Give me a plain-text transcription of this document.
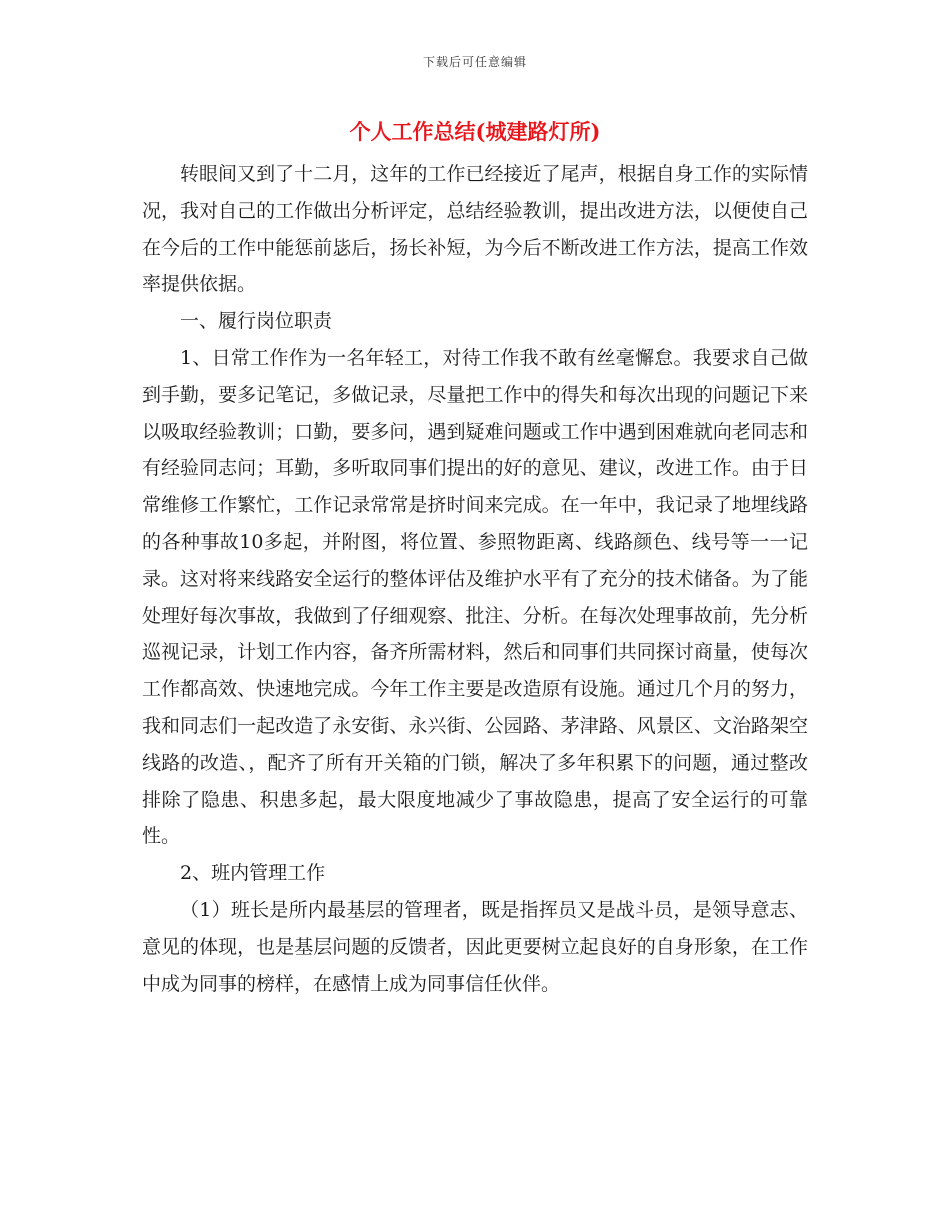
下载后可任意编辑
个人工作总结(城建路灯所)

转眼间又到了十二月，这年的工作已经接近了尾声，根据自身工作的实际情况，我对自己的工作做出分析评定，总结经验教训，提出改进方法，以便使自己在今后的工作中能惩前毖后，扬长补短，为今后不断改进工作方法，提高工作效率提供依据。

一、履行岗位职责

1、日常工作作为一名年轻工，对待工作我不敢有丝毫懈怠。我要求自己做到手勤，要多记笔记，多做记录，尽量把工作中的得失和每次出现的问题记下来以吸取经验教训；口勤，要多问，遇到疑难问题或工作中遇到困难就向老同志和有经验同志问；耳勤，多听取同事们提出的好的意见、建议，改进工作。由于日常维修工作繁忙，工作记录常常是挤时间来完成。在一年中，我记录了地埋线路的各种事故10多起，并附图，将位置、参照物距离、线路颜色、线号等一一记录。这对将来线路安全运行的整体评估及维护水平有了充分的技术储备。为了能处理好每次事故，我做到了仔细观察、批注、分析。在每次处理事故前，先分析巡视记录，计划工作内容，备齐所需材料，然后和同事们共同探讨商量，使每次工作都高效、快速地完成。今年工作主要是改造原有设施。通过几个月的努力，我和同志们一起改造了永安街、永兴街、公园路、茅津路、风景区、文治路架空线路的改造、，配齐了所有开关箱的门锁，解决了多年积累下的问题，通过整改排除了隐患、积患多起，最大限度地减少了事故隐患，提高了安全运行的可靠性。

2、班内管理工作

（1）班长是所内最基层的管理者，既是指挥员又是战斗员，是领导意志、意见的体现，也是基层问题的反馈者，因此更要树立起良好的自身形象，在工作中成为同事的榜样，在感情上成为同事信任伙伴。
